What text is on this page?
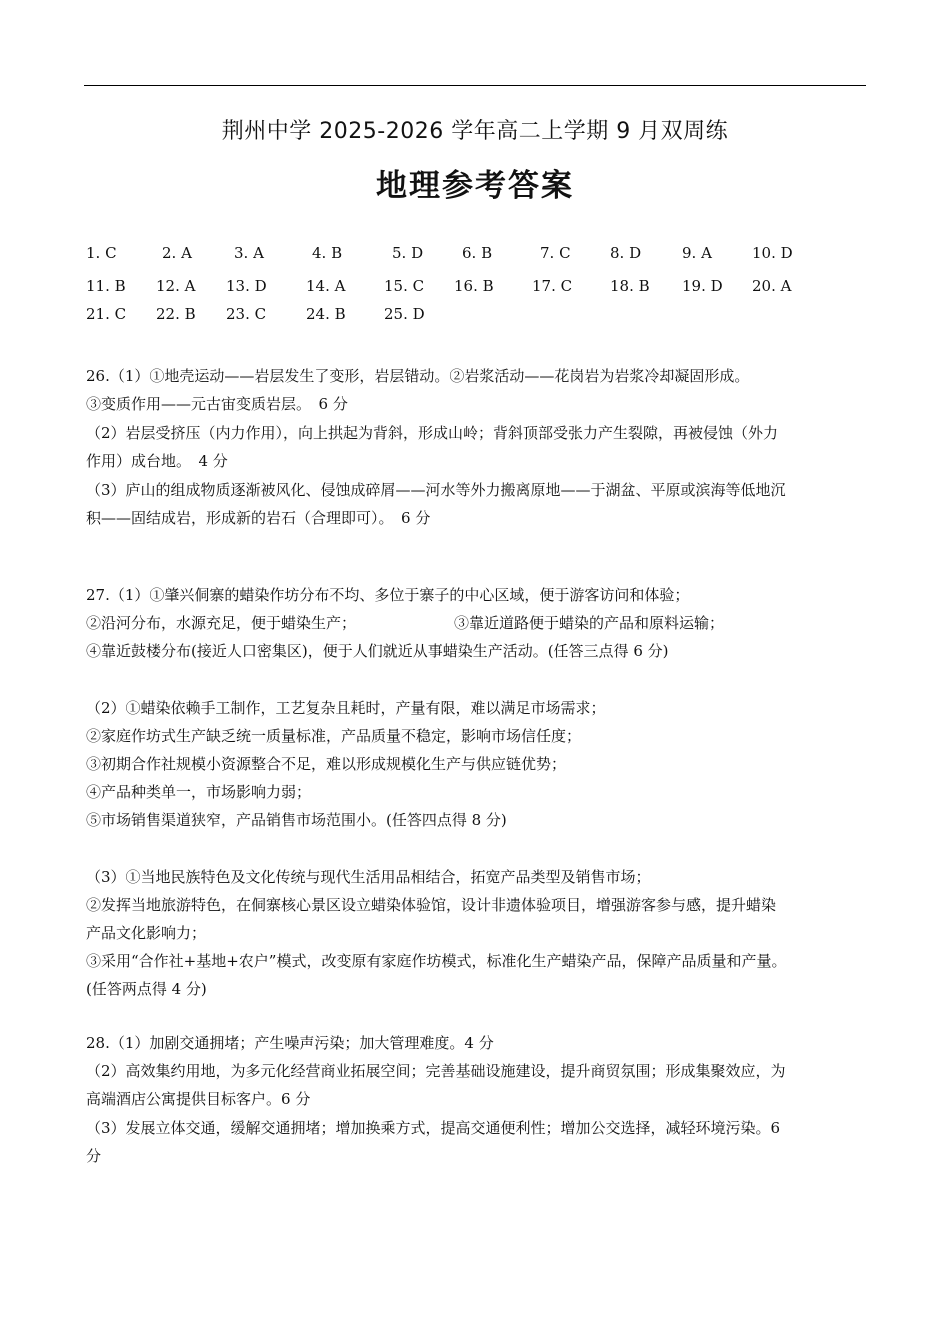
荆州中学 2025-2026 学年高二上学期 9 月双周练
地理参考答案
1. C	2. A	3. A	4. B	5. D	6. B	7. C	8. D	9. A	10. D
11. B 12. A 13. D	14. A	15. C 16. B	17. C	18. B 19. D 20. A
21. C 22. B 23. C	24. B	25. D
26.（1）①地壳运动——岩层发生了变形，岩层错动。②岩浆活动——花岗岩为岩浆冷却凝固形成。
③变质作用——元古宙变质岩层。　6 分
（2）岩层受挤压（内力作用），向上拱起为背斜，形成山岭；背斜顶部受张力产生裂隙，再被侵蚀（外力
作用）成台地。　4 分
（3）庐山的组成物质逐渐被风化、侵蚀成碎屑——河水等外力搬离原地——于湖盆、平原或滨海等低地沉
积——固结成岩，形成新的岩石（合理即可）。　6 分
27.（1）①肇兴侗寨的蜡染作坊分布不均、多位于寨子的中心区域，便于游客访问和体验；
②沿河分布，水源充足，便于蜡染生产；	③靠近道路便于蜡染的产品和原料运输；
④靠近鼓楼分布(接近人口密集区)，便于人们就近从事蜡染生产活动。(任答三点得 6 分)
（2）①蜡染依赖手工制作，工艺复杂且耗时，产量有限，难以满足市场需求；
②家庭作坊式生产缺乏统一质量标准，产品质量不稳定，影响市场信任度；
③初期合作社规模小资源整合不足，难以形成规模化生产与供应链优势；
④产品种类单一，市场影响力弱；
⑤市场销售渠道狭窄，产品销售市场范围小。(任答四点得 8 分)
（3）①当地民族特色及文化传统与现代生活用品相结合，拓宽产品类型及销售市场；
②发挥当地旅游特色，在侗寨核心景区设立蜡染体验馆，设计非遗体验项目，增强游客参与感，提升蜡染
产品文化影响力；
③采用“合作社+基地+农户”模式，改变原有家庭作坊模式，标准化生产蜡染产品，保障产品质量和产量。
(任答两点得 4 分)
28.（1）加剧交通拥堵；产生噪声污染；加大管理难度。4 分
（2）高效集约用地，为多元化经营商业拓展空间；完善基础设施建设，提升商贸氛围；形成集聚效应，为
高端酒店公寓提供目标客户。6 分
（3）发展立体交通，缓解交通拥堵；增加换乘方式，提高交通便利性；增加公交选择，减轻环境污染。6
分
